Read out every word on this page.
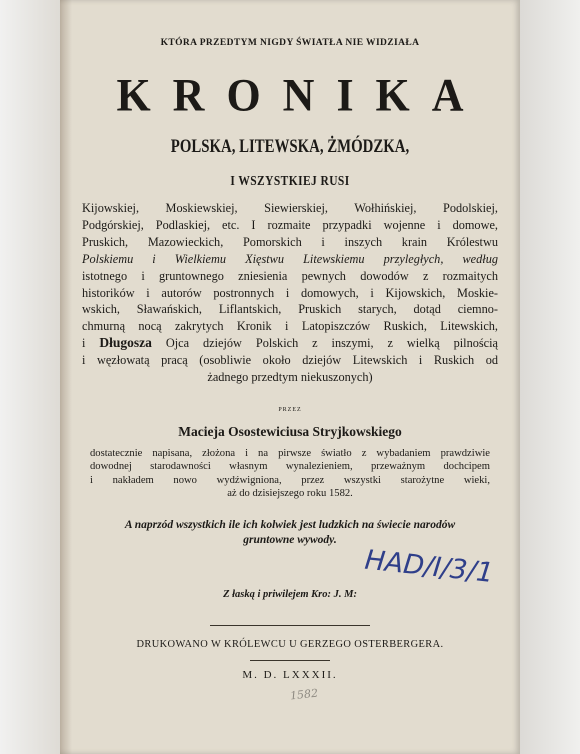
KTÓRA PRZEDTYM NIGDY ŚWIATŁA NIE WIDZIAŁA
KRONIKA
POLSKA, LITEWSKA, ŻMÓDZKA,
I WSZYSTKIEJ RUSI
Kijowskiej, Moskiewskiej, Siewierskiej, Wołhińskiej, Podolskiej,
Podgórskiej, Podlaskiej, etc. I rozmaite przypadki wojenne i domowe,
Pruskich, Mazowieckich, Pomorskich i inszych krain Królestwu
Polskiemu i Wielkiemu Xięstwu Litewskiemu przyległych, według
istotnego i gruntownego zniesienia pewnych dowodów z rozmaitych
historików i autorów postronnych i domowych, i Kijowskich, Moskie-
wskich, Sławańskich, Liflantskich, Pruskich starych, dotąd ciemno-
chmurną nocą zakrytych Kronik i Latopiszczów Ruskich, Litewskich,
i Długosza Ojca dziejów Polskich z inszymi, z wielką pilnością
i węzłowatą pracą (osobliwie około dziejów Litewskich i Ruskich od
żadnego przedtym niekuszonych)
PRZEZ
Macieja Osostewiciusa Stryjkowskiego
dostatecznie napisana, złożona i na pirwsze światło z wybadaniem prawdziwie
dowodnej starodawności własnym wynalezieniem, przeważnym dochcipem
i nakładem nowo wydźwigniona, przez wszystki starożytne wieki,
aż do dzisiejszego roku 1582.
A naprzód wszystkich ile ich kolwiek jest ludzkich na świecie narodów
gruntowne wywody.
HAD/I/3/1
Z łaską i priwilejem Kro: J. M:
DRUKOWANO W KRÓLEWCU U GERZEGO OSTERBERGERA.
M. D. LXXXII.
1582
